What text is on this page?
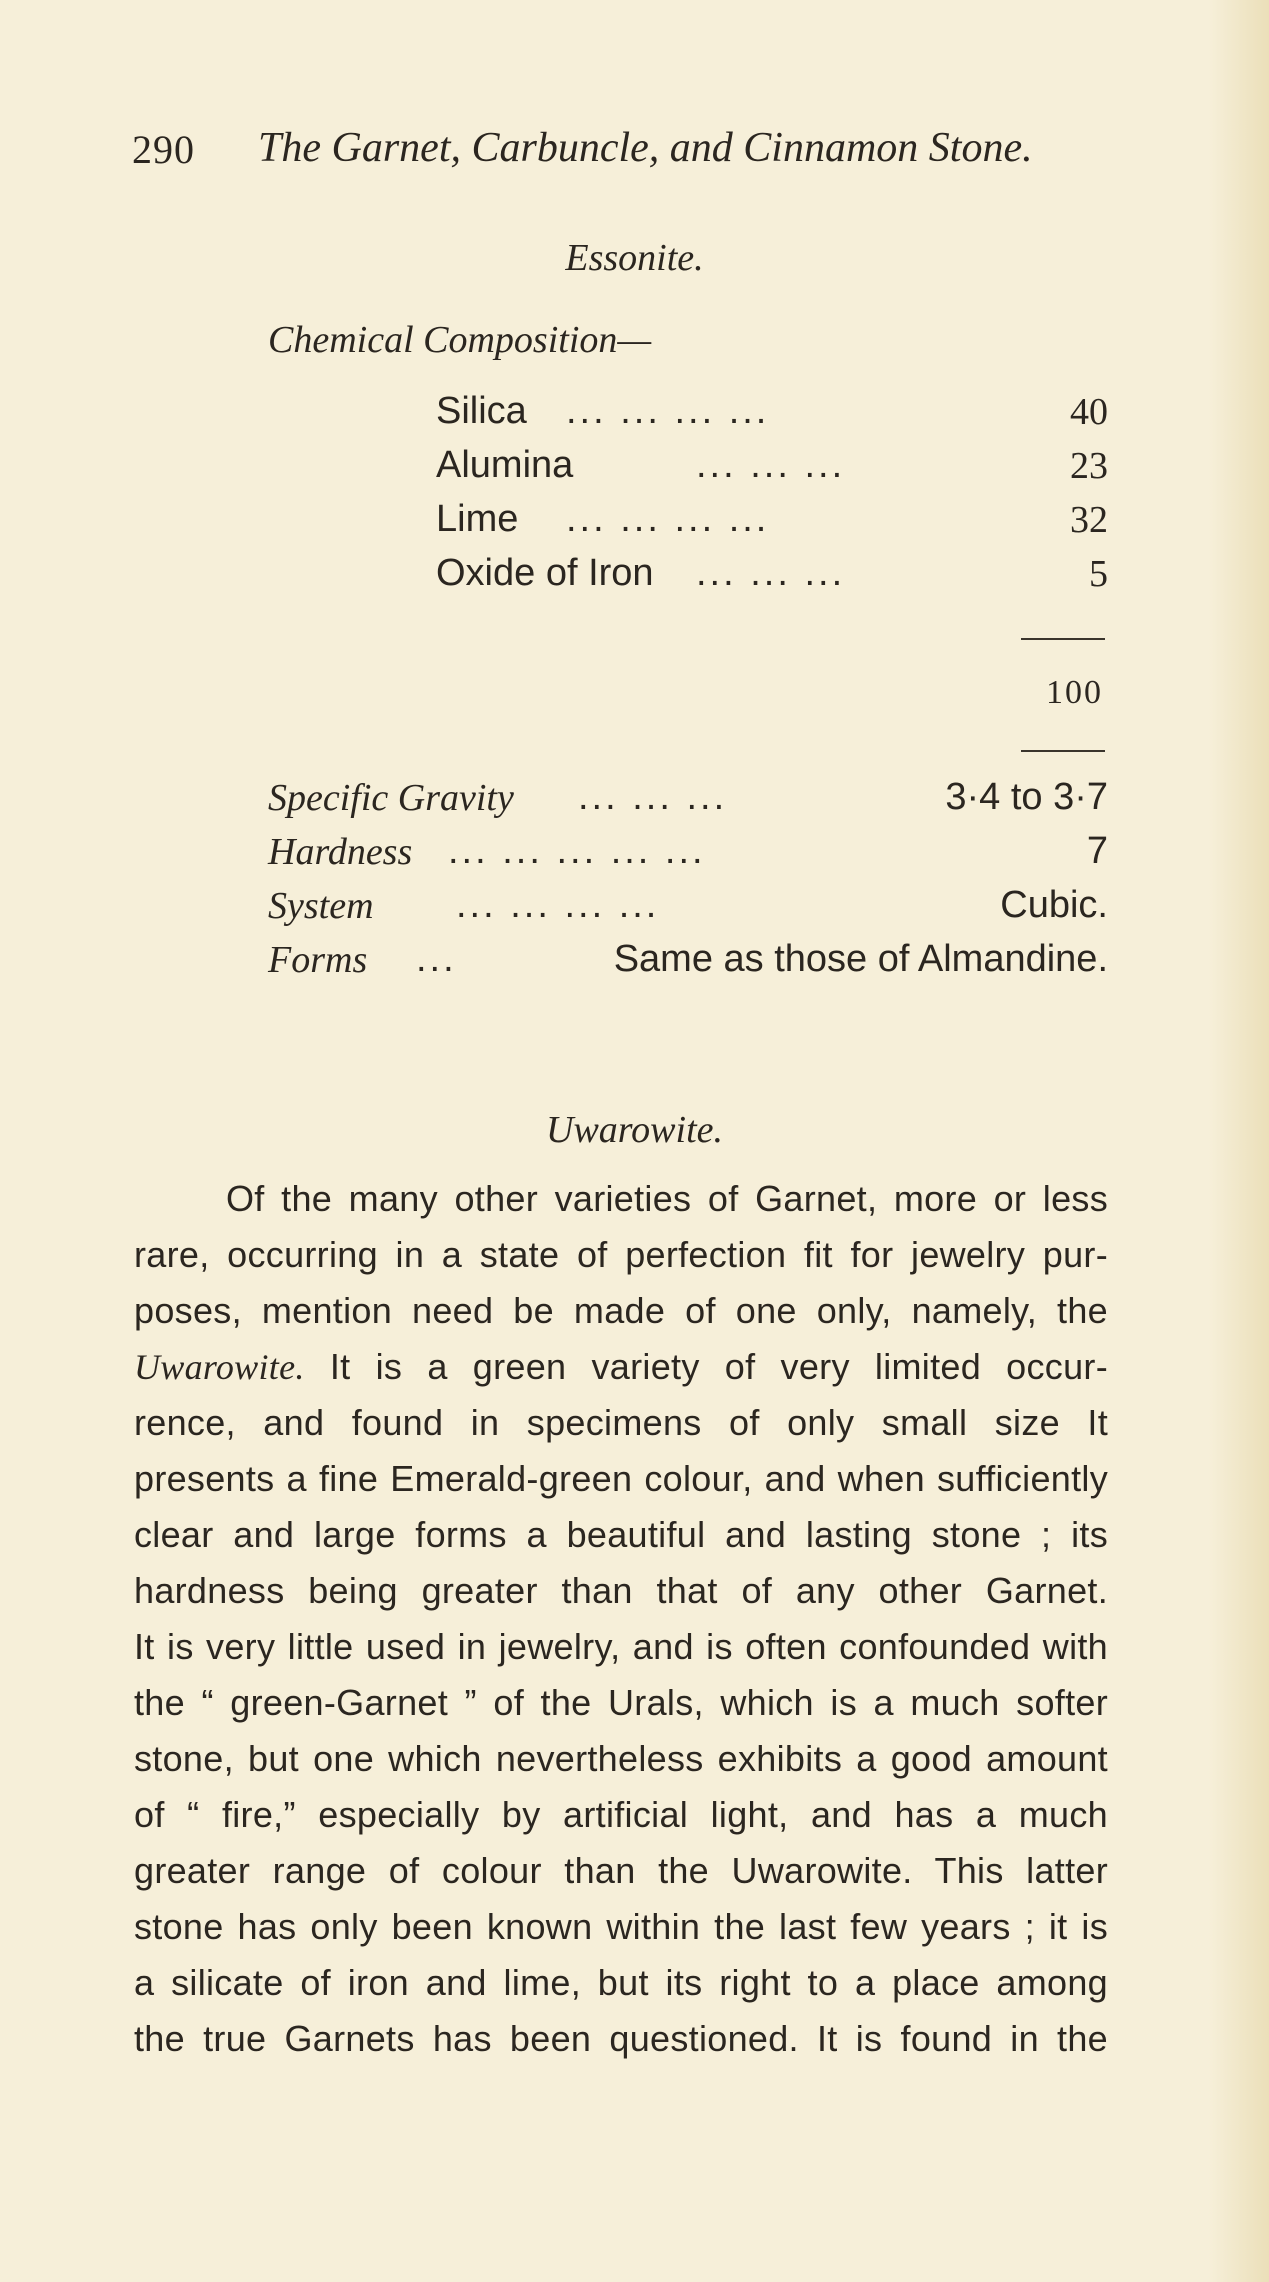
290 The Garnet, Carbuncle, and Cinnamon Stone.
Essonite.
Chemical Composition—
Silica ... ... ... ...	40
Alumina	... ... ...	23
Lime ... ... ... ...	32
Oxide of Iron ... ... ...	5
100
Specific Gravity ... ... ...	3·4 to 3·7
Hardness ... ... ... ... ...	7
System ... ... ... ...	Cubic.
Forms ...	Same as those of Almandine.
Uwarowite.
Of the many other varieties of Garnet, more or less
rare, occurring in a state of perfection fit for jewelry pur-
poses, mention need be made of one only, namely, the
Uwarowite. It is a green variety of very limited occur-
rence, and found in specimens of only small size It
presents a fine Emerald-green colour, and when sufficiently
clear and large forms a beautiful and lasting stone ; its
hardness being greater than that of any other Garnet.
It is very little used in jewelry, and is often confounded with
the “ green-Garnet ” of the Urals, which is a much softer
stone, but one which nevertheless exhibits a good amount
of “ fire,” especially by artificial light, and has a much
greater range of colour than the Uwarowite. This latter
stone has only been known within the last few years ; it is
a silicate of iron and lime, but its right to a place among
the true Garnets has been questioned. It is found in the
